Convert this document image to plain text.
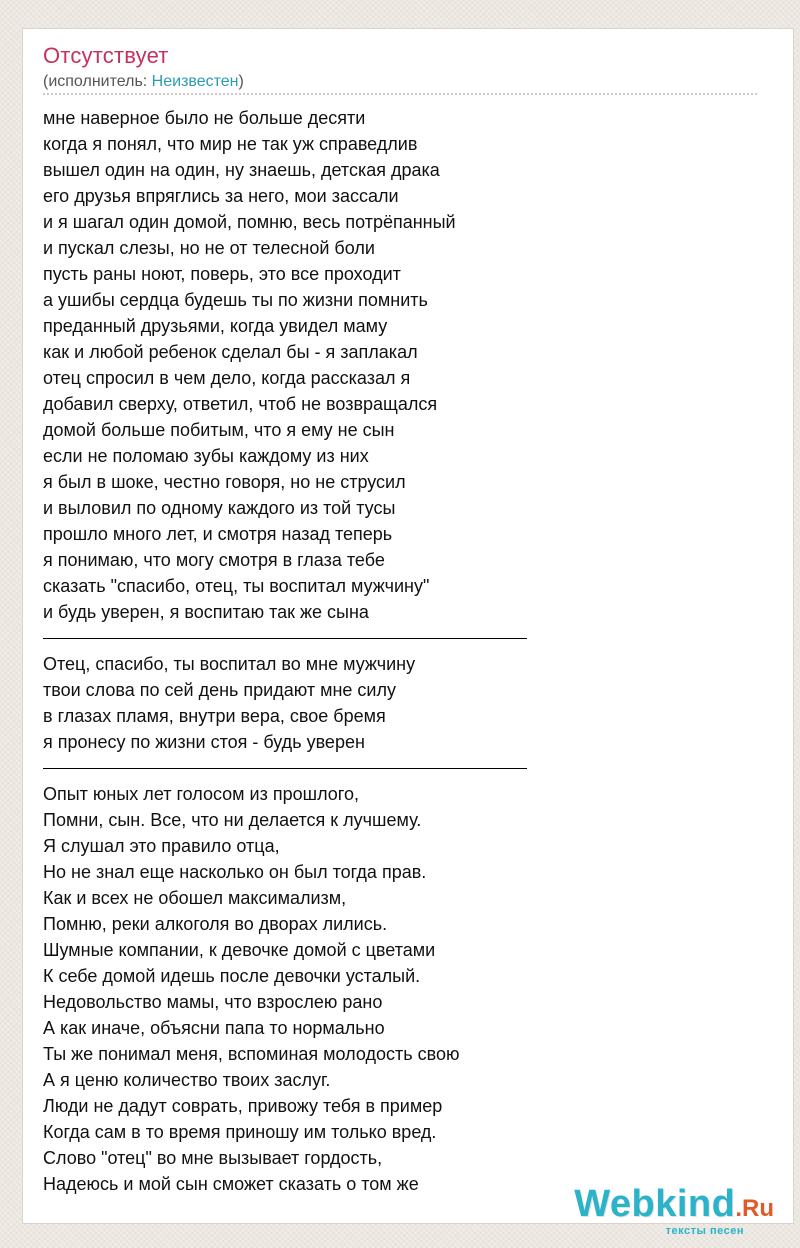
Отсутствует
(исполнитель: Неизвестен)
мне наверное было не больше десяти
когда я понял, что мир не так уж справедлив
вышел один на один, ну знаешь, детская драка
его друзья впряглись за него, мои зассали
и я шагал один домой, помню, весь потрёпанный
и пускал слезы, но не от телесной боли
пусть раны ноют, поверь, это все проходит
а ушибы сердца будешь ты по жизни помнить
преданный друзьями, когда увидел маму
как и любой ребенок сделал бы - я заплакал
отец спросил в чем дело, когда рассказал я
добавил сверху, ответил, чтоб не возвращался
домой больше побитым, что я ему не сын
если не поломаю зубы каждому из них
я был в шоке, честно говоря, но не струсил
и выловил по одному каждого из той тусы
прошло много лет, и смотря назад теперь
я понимаю, что могу смотря в глаза тебе
сказать "спасибо, отец, ты воспитал мужчину"
и будь уверен, я воспитаю так же сына
Отец, спасибо, ты воспитал во мне мужчину
твои слова по сей день придают мне силу
в глазах пламя, внутри вера, свое бремя
я пронесу по жизни стоя - будь уверен
Опыт юных лет голосом из прошлого,
Помни, сын. Все, что ни делается к лучшему.
Я слушал это правило отца,
Но не знал еще насколько он был тогда прав.
Как и всех не обошел максимализм,
Помню, реки алкоголя во дворах лились.
Шумные компании, к девочке домой с цветами
К себе домой идешь после девочки усталый.
Недовольство мамы, что взрослею рано
А как иначе, объясни папа то нормально
Ты же понимал меня, вспоминая молодость свою
А я ценю количество твоих заслуг.
Люди не дадут соврать, привожу тебя в пример
Когда сам в то время приношу им только вред.
Слово "отец" во мне вызывает гордость,
Надеюсь и мой сын сможет сказать о том же	Webkind.Ru
тексты песен
